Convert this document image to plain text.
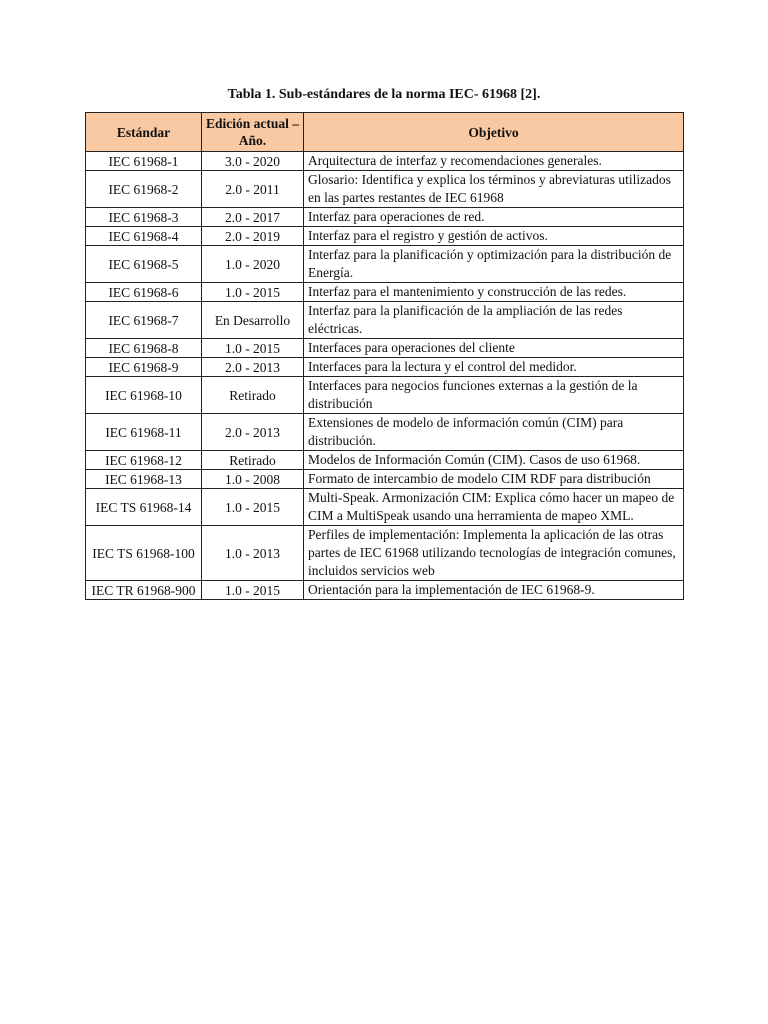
Tabla 1. Sub-estándares de la norma IEC- 61968 [2].
Estándar	Edición actual – Año.	Objetivo
IEC 61968-1	3.0 - 2020	Arquitectura de interfaz y recomendaciones generales.
IEC 61968-2	2.0 - 2011	Glosario: Identifica y explica los términos y abreviaturas utilizados en las partes restantes de IEC 61968
IEC 61968-3	2.0 - 2017	Interfaz para operaciones de red.
IEC 61968-4	2.0 - 2019	Interfaz para el registro y gestión de activos.
IEC 61968-5	1.0 - 2020	Interfaz para la planificación y optimización para la distribución de Energía.
IEC 61968-6	1.0 - 2015	Interfaz para el mantenimiento y construcción de las redes.
IEC 61968-7	En Desarrollo	Interfaz para la planificación de la ampliación de las redes eléctricas.
IEC 61968-8	1.0 - 2015	Interfaces para operaciones del cliente
IEC 61968-9	2.0 - 2013	Interfaces para la lectura y el control del medidor.
IEC 61968-10	Retirado	Interfaces para negocios funciones externas a la gestión de la distribución
IEC 61968-11	2.0 - 2013	Extensiones de modelo de información común (CIM) para distribución.
IEC 61968-12	Retirado	Modelos de Información Común (CIM). Casos de uso 61968.
IEC 61968-13	1.0 - 2008	Formato de intercambio de modelo CIM RDF para distribución
IEC TS 61968-14	1.0 - 2015	Multi-Speak. Armonización CIM: Explica cómo hacer un mapeo de CIM a MultiSpeak usando una herramienta de mapeo XML.
IEC TS 61968-100	1.0 - 2013	Perfiles de implementación: Implementa la aplicación de las otras partes de IEC 61968 utilizando tecnologías de integración comunes, incluidos servicios web
IEC TR 61968-900	1.0 - 2015	Orientación para la implementación de IEC 61968-9.
